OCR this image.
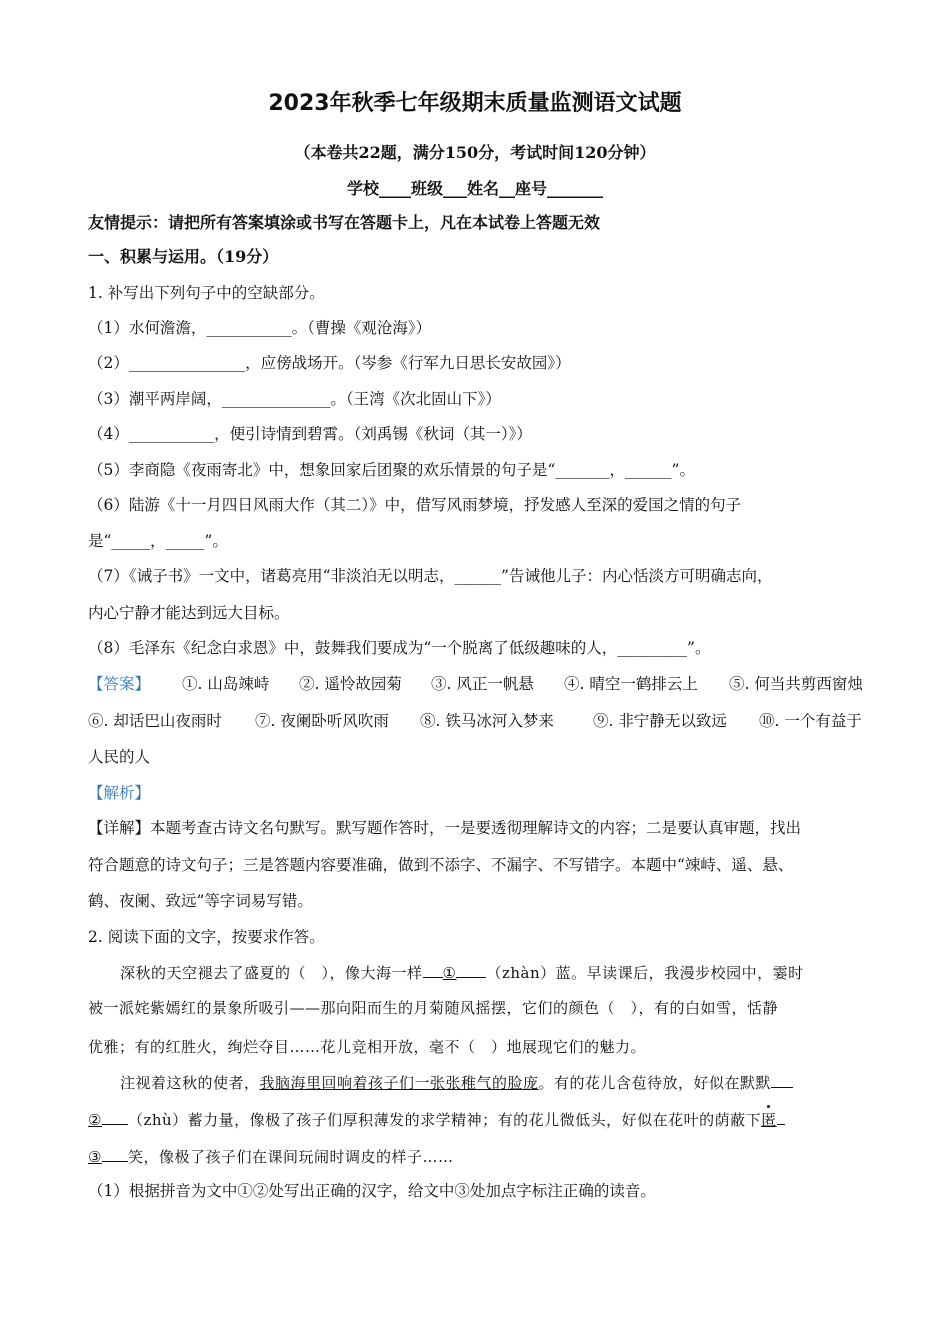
2023年秋季七年级期末质量监测语文试题
（本卷共22题，满分150分，考试时间120分钟）
学校____班级___姓名__座号_______
友情提示：请把所有答案填涂或书写在答题卡上，凡在本试卷上答题无效
一、积累与运用。（19分）
1. 补写出下列句子中的空缺部分。
（1）水何澹澹，___________。（曹操《观沧海》）
（2）_______________，应傍战场开。（岑参《行军九日思长安故园》）
（3）潮平两岸阔，______________。（王湾《次北固山下》）
（4）___________，便引诗情到碧霄。（刘禹锡《秋词（其一）》）
（5）李商隐《夜雨寄北》中，想象回家后团聚的欢乐情景的句子是“_______，______”。
（6）陆游《十一月四日风雨大作（其二）》中，借写风雨梦境，抒发感人至深的爱国之情的句子
是“_____，_____”。
（7）《诫子书》一文中，诸葛亮用“非淡泊无以明志，______”告诫他儿子：内心恬淡方可明确志向，
内心宁静才能达到远大目标。
（8）毛泽东《纪念白求恩》中，鼓舞我们要成为“一个脱离了低级趣味的人，_________”。
【答案】 ①. 山岛竦峙 ②. 遥怜故园菊 ③. 风正一帆悬 ④. 晴空一鹤排云上 ⑤. 何当共剪西窗烛
⑥. 却话巴山夜雨时 ⑦. 夜阑卧听风吹雨 ⑧. 铁马冰河入梦来	⑨. 非宁静无以致远 ⑩. 一个有益于
人民的人
【解析】
【详解】本题考查古诗文名句默写。默写题作答时，一是要透彻理解诗文的内容；二是要认真审题，找出
符合题意的诗文句子；三是答题内容要准确，做到不添字、不漏字、不写错字。本题中“竦峙、遥、悬、
鹤、夜阑、致远”等字词易写错。
2. 阅读下面的文字，按要求作答。
深秋的天空褪去了盛夏的（　），像大海一样 ① （zhàn）蓝。早读课后，我漫步校园中，霎时
被一派姹紫嫣红的景象所吸引——那向阳而生的月菊随风摇摆，它们的颜色（　），有的白如雪，恬静
优雅；有的红胜火，绚烂夺目……花儿竞相开放，毫不（　）地展现它们的魅力。
注视着这秋的使者，我脑海里回响着孩子们一张张稚气的脸庞。有的花儿含苞待放，好似在默默
② （zhù）蓄力量，像极了孩子们厚积薄发的求学精神；有的花儿微低头，好似在花叶的荫蔽下匿
③ 笑，像极了孩子们在课间玩闹时调皮的样子……
（1）根据拼音为文中①②处写出正确的汉字，给文中③处加点字标注正确的读音。
